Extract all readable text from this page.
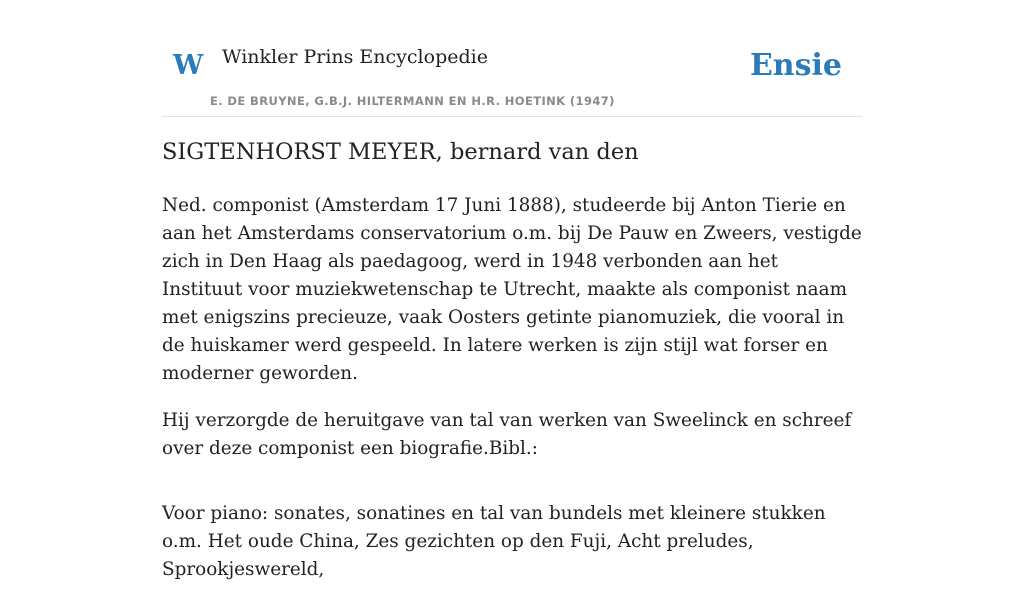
W Winkler Prins Encyclopedie
E. DE BRUYNE, G.B.J. HILTERMANN EN H.R. HOETINK (1947)
Ensie
SIGTENHORST MEYER, bernard van den

Ned. componist (Amsterdam 17 Juni 1888), studeerde bij Anton Tierie en aan het Amsterdams conservatorium o.m. bij De Pauw en Zweers, vestigde zich in Den Haag als paedagoog, werd in 1948 verbonden aan het Instituut voor muziekwetenschap te Utrecht, maakte als componist naam met enigszins precieuze, vaak Oosters getinte pianomuziek, die vooral in de huiskamer werd gespeeld. In latere werken is zijn stijl wat forser en moderner geworden.

Hij verzorgde de heruitgave van tal van werken van Sweelinck en schreef over deze componist een biografie.Bibl.:

Voor piano: sonates, sonatines en tal van bundels met kleinere stukken o.m. Het oude China, Zes gezichten op den Fuji, Acht preludes, Sprookjeswereld,
